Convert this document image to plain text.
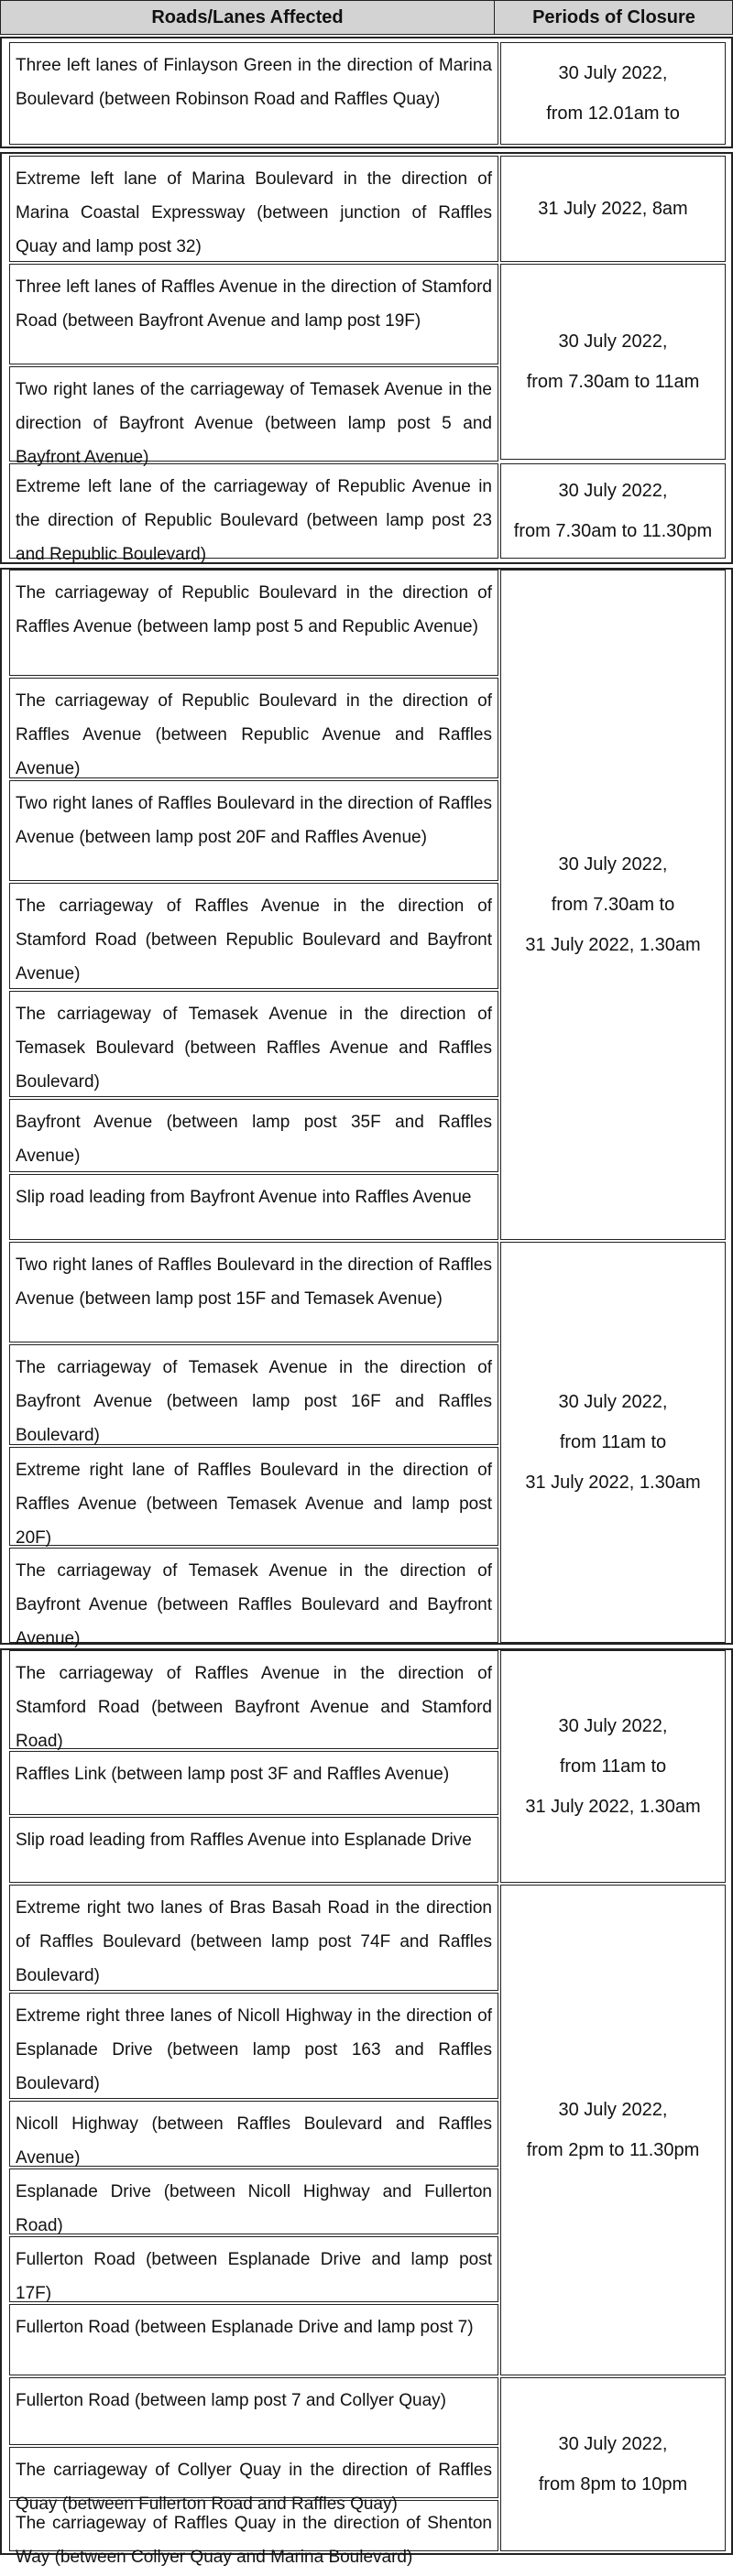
Roads/Lanes Affected	Periods of Closure
Three left lanes of Finlayson Green in the direction of Marina Boulevard (between Robinson Road and Raffles Quay)
30 July 2022,
from 12.01am to
Extreme left lane of Marina Boulevard in the direction of Marina Coastal Expressway (between junction of Raffles Quay and lamp post 32)
Three left lanes of Raffles Avenue in the direction of Stamford Road (between Bayfront Avenue and lamp post 19F)
Two right lanes of the carriageway of Temasek Avenue in the direction of Bayfront Avenue (between lamp post 5 and Bayfront Avenue)
Extreme left lane of the carriageway of Republic Avenue in the direction of Republic Boulevard (between lamp post 23 and Republic Boulevard)
31 July 2022, 8am
30 July 2022,
from 7.30am to 11am
30 July 2022,
from 7.30am to 11.30pm
The carriageway of Republic Boulevard in the direction of Raffles Avenue (between lamp post 5 and Republic Avenue)
The carriageway of Republic Boulevard in the direction of Raffles Avenue (between Republic Avenue and Raffles Avenue)
Two right lanes of Raffles Boulevard in the direction of Raffles Avenue (between lamp post 20F and Raffles Avenue)
The carriageway of Raffles Avenue in the direction of Stamford Road (between Republic Boulevard and Bayfront Avenue)
The carriageway of Temasek Avenue in the direction of Temasek Boulevard (between Raffles Avenue and Raffles Boulevard)
Bayfront Avenue (between lamp post 35F and Raffles Avenue)
Slip road leading from Bayfront Avenue into Raffles Avenue
Two right lanes of Raffles Boulevard in the direction of Raffles Avenue (between lamp post 15F and Temasek Avenue)
The carriageway of Temasek Avenue in the direction of Bayfront Avenue (between lamp post 16F and Raffles Boulevard)
Extreme right lane of Raffles Boulevard in the direction of Raffles Avenue (between Temasek Avenue and lamp post 20F)
The carriageway of Temasek Avenue in the direction of Bayfront Avenue (between Raffles Boulevard and Bayfront Avenue)
30 July 2022,
from 7.30am to
31 July 2022, 1.30am
30 July 2022,
from 11am to
31 July 2022, 1.30am
The carriageway of Raffles Avenue in the direction of Stamford Road (between Bayfront Avenue and Stamford Road)
Raffles Link (between lamp post 3F and Raffles Avenue)
Slip road leading from Raffles Avenue into Esplanade Drive
Extreme right two lanes of Bras Basah Road in the direction of Raffles Boulevard (between lamp post 74F and Raffles Boulevard)
Extreme right three lanes of Nicoll Highway in the direction of Esplanade Drive (between lamp post 163 and Raffles Boulevard)
Nicoll Highway (between Raffles Boulevard and Raffles Avenue)
Esplanade Drive (between Nicoll Highway and Fullerton Road)
Fullerton Road (between Esplanade Drive and lamp post 17F)
Fullerton Road (between Esplanade Drive and lamp post 7)
Fullerton Road (between lamp post 7 and Collyer Quay)
The carriageway of Collyer Quay in the direction of Raffles Quay (between Fullerton Road and Raffles Quay)
The carriageway of Raffles Quay in the direction of Shenton Way (between Collyer Quay and Marina Boulevard)
30 July 2022,
from 11am to
31 July 2022, 1.30am
30 July 2022,
from 2pm to 11.30pm
30 July 2022,
from 8pm to 10pm
